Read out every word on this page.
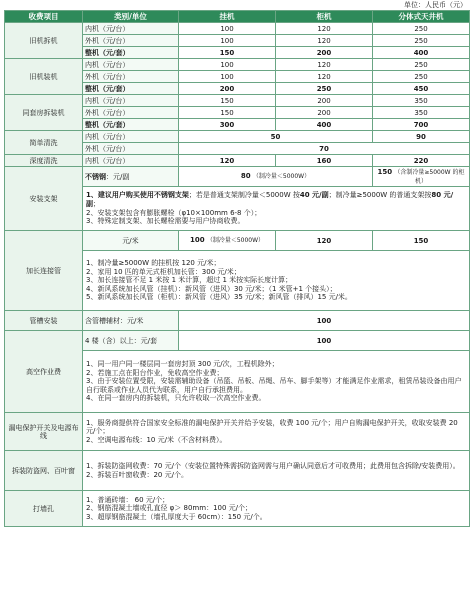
单位：人民币（元）
收费项目	类别/单位	挂机	柜机	分体式天井机
旧机拆机	内机（元/台）	100	120	250
	外机（元/台）	100	120	250
	整机（元/套）	150	200	400
旧机装机	内机（元/台）	100	120	250
	外机（元/台）	100	120	250
	整机（元/套）	200	250	450
同套房拆装机	内机（元/台）	150	200	350
	外机（元/台）	150	200	350
	整机（元/套）	300	400	700
简单清洗	内机（元/台）	50		90
	外机（元/台）	70		
深度清洗	内机（元/台）	120	160	220
安装支架	不锈钢：元/副	80 （制冷量＜5000W）		150 （含制冷量≥5000W 的柜机）

	1、建议用户购买使用不锈钢支架；若是普通支架制冷量＜5000W 按40 元/副；制冷量≥5000W 的普通支架按80 元/副；
2、安装支架包含有膨胀螺栓（φ10×100mm 6-8 个）；
3、特殊定制支架、加长螺栓需要与用户协商收费。			

加长连接管	元/米	100 （制冷量＜5000W）	120	150

	1、制冷量≥5000W 的挂机按 120 元/米；
2、家用 10 匹的单元式柜机加长管：300 元/米；
3、加长连接管不足 1 米按 1 米计算，超过 1 米按实际长度计算；
4、新风系统加长风管（挂机）：新风管（进风）30 元/米；（1 米管+1 个接头）；
5、新风系统加长风管（柜机）：新风管（进风）35 元/米；新风管（排风）15 元/米。			

管槽安装	含管槽辅材：元/米	100		
高空作业费	4 楼（含）以上：元/套	100		

	1、同一用户同一楼层同一套房封顶 300 元/次，工程机除外；
2、若施工点在阳台作业，免收高空作业费；
3、由于安装位置受限，安装需辅助设备（吊篮、吊板、吊绳、吊车、脚手架等）才能满足作业需求，租赁吊装设备由用户自行联系或作业人员代为联系，用户自行承担费用。
4、在同一套房内的拆装机，只允许收取一次高空作业费。			

漏电保护开关及电源布线	1、服务商提供符合国家安全标准的漏电保护开关并给予安装，收费 100 元/个；用户自购漏电保护开关，收取安装费 20 元/个；
2、空调电源布线：10 元/米（不含材料费）。			

拆装防盗网、百叶窗	1、拆装防盗网收费：70 元/个（安装位置特殊需拆防盗网需与用户确认同意后才可收费用；此费用包含拆除/安装费用）。
2、拆装百叶窗收费：20 元/个。			

打墙孔	1、普通砖墙： 60 元/个；
2、钢筋混凝土墙或孔直径 φ＞ 80mm：100 元/个；
3、超厚钢筋混凝土（墙孔厚度大于 60cm）：150 元/个。			
